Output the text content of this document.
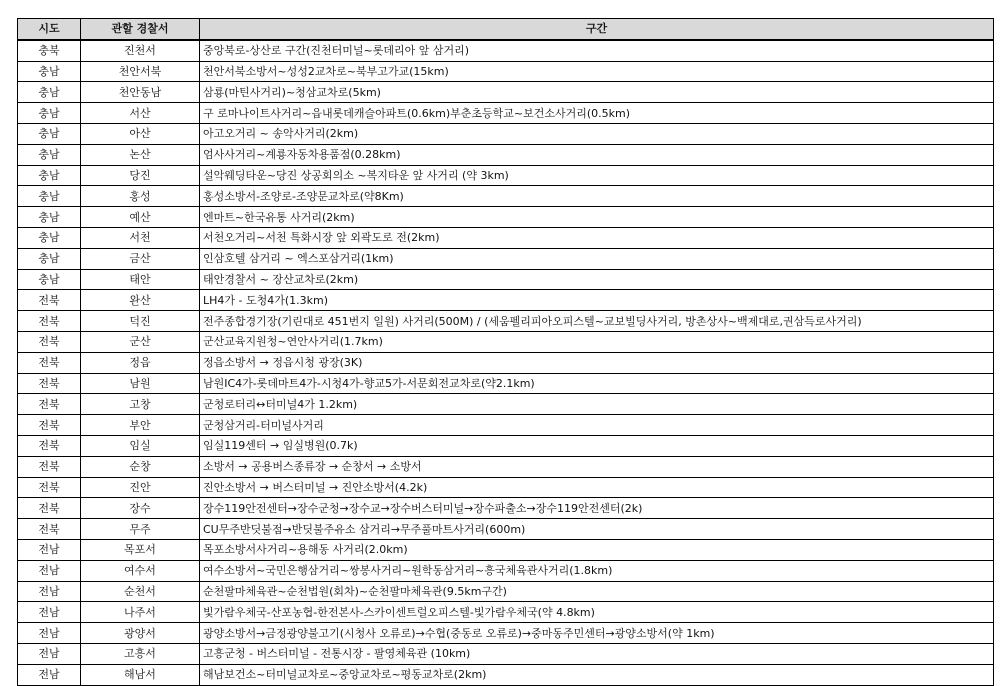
시도	관할 경찰서	구간
충북	진천서	중앙북로-상산로 구간(진천터미널~롯데리아 앞 삼거리)
충남	천안서북	천안서북소방서~성성2교차로~북부고가교(15km)
충남	천안동남	삼룡(마틴사거리)~청삼교차로(5km)
충남	서산	구 로마나이트사거리~읍내롯데캐슬아파트(0.6km)부춘초등학교~보건소사거리(0.5km)
충남	아산	아고오거리 ~ 송악사거리(2km)
충남	논산	엄사사거리~계룡자동차용품점(0.28km)
충남	당진	설악웨딩타운~당진 상공회의소 ~복지타운 앞 사거리 (약 3km)
충남	홍성	홍성소방서-조양로-조양문교차로(약8Km)
충남	예산	엔마트~한국유통 사거리(2km)
충남	서천	서천오거리~서천 특화시장 앞 외곽도로 전(2km)
충남	금산	인삼호텔 삼거리 ~ 엑스포삼거리(1km)
충남	태안	태안경찰서 ~ 장산교차로(2km)
전북	완산	LH4가 - 도청4가(1.3km)
전북	덕진	전주종합경기장(기린대로 451번지 일원) 사거리(500M) / (세움펠리피아오피스텔~교보빌딩사거리, 방촌상사~백제대로,권삼득로사거리)
전북	군산	군산교육지원청~연안사거리(1.7km)
전북	정읍	정읍소방서 → 정읍시청 광장(3K)
전북	남원	남원IC4가-롯데마트4가-시청4가-향교5가-서문회전교차로(약2.1km)
전북	고창	군청로터리↔터미널4가 1.2km)
전북	부안	군청삼거리-터미널사거리
전북	임실	임실119센터 → 임실병원(0.7k)
전북	순창	소방서 → 공용버스종류장 → 순창서 → 소방서
전북	진안	진안소방서 → 버스터미널 → 진안소방서(4.2k)
전북	장수	장수119안전센터→장수군청→장수교→장수버스터미널→장수파출소→장수119안전센터(2k)
전북	무주	CU무주반딧불점→반딧불주유소 삼거리→무주풀마트사거리(600m)
전남	목포서	목포소방서사거리~용해동 사거리(2.0km)
전남	여수서	여수소방서~국민은행삼거리~쌍봉사거리~원학동삼거리~흥국체육관사거리(1.8km)
전남	순천서	순천팔마체육관~순천법원(회차)~순천팔마체육관(9.5km구간)
전남	나주서	빛가람우체국-산포농협-한전본사-스카이센트럴오피스텔-빛가람우체국(약 4.8km)
전남	광양서	광양소방서→금정광양불고기(시청사 오류로)→수협(중동로 오류로)→중마동주민센터→광양소방서(약 1km)
전남	고흥서	고흥군청 - 버스터미널 - 전통시장 - 팔영체육관 (10km)
전남	해남서	해남보건소~터미널교차로~중앙교차로~평동교차로(2km)
